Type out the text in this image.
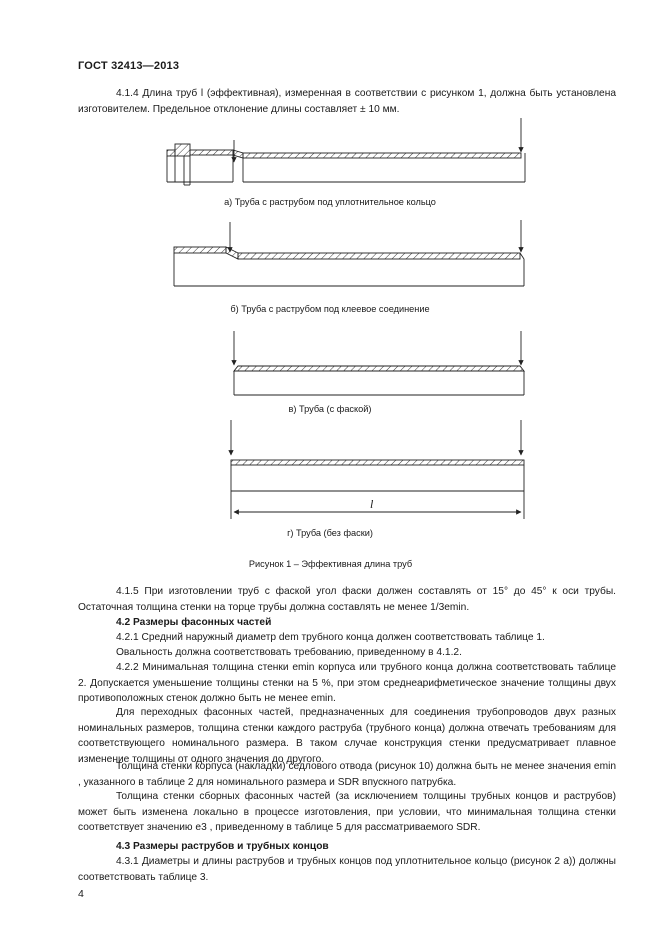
ГОСТ 32413—2013
4.1.4 Длина труб l (эффективная), измеренная в соответствии с рисунком 1, должна быть установлена изготовителем. Предельное отклонение длины составляет ± 10 мм.
а) Труба с раструбом под уплотнительное кольцо
б) Труба с раструбом под клеевое соединение
в) Труба (с фаской)
l
г) Труба (без фаски)
Рисунок 1 – Эффективная длина труб
4.1.5 При изготовлении труб с фаской угол фаски должен составлять от 15° до 45° к оси трубы. Остаточная толщина стенки на торце трубы должна составлять не менее 1/3emin.
4.2 Размеры фасонных частей
4.2.1 Средний наружный диаметр dem трубного конца должен соответствовать таблице 1.
Овальность должна соответствовать требованию, приведенному в 4.1.2.
4.2.2 Минимальная толщина стенки emin корпуса или трубного конца должна соответствовать таблице 2. Допускается уменьшение толщины стенки на 5 %, при этом среднеарифметическое значение толщины двух противоположных стенок должно быть не менее emin.
Для переходных фасонных частей, предназначенных для соединения трубопроводов двух разных номинальных размеров, толщина стенки каждого раструба (трубного конца) должна отвечать требованиям для соответствующего номинального размера. В таком случае конструкция стенки предусматривает плавное изменение толщины от одного значения до другого.
Толщина стенки корпуса (накладки) седлового отвода (рисунок 10) должна быть не менее значения emin , указанного в таблице 2 для номинального размера и SDR впускного патрубка.
Толщина стенки сборных фасонных частей (за исключением толщины трубных концов и раструбов) может быть изменена локально в процессе изготовления, при условии, что минимальная толщина стенки соответствует значению e3 , приведенному в таблице 5 для рассматриваемого SDR.
4.3 Размеры раструбов и трубных концов
4.3.1 Диаметры и длины раструбов и трубных концов под уплотнительное кольцо (рисунок 2 а)) должны соответствовать таблице 3.
4
